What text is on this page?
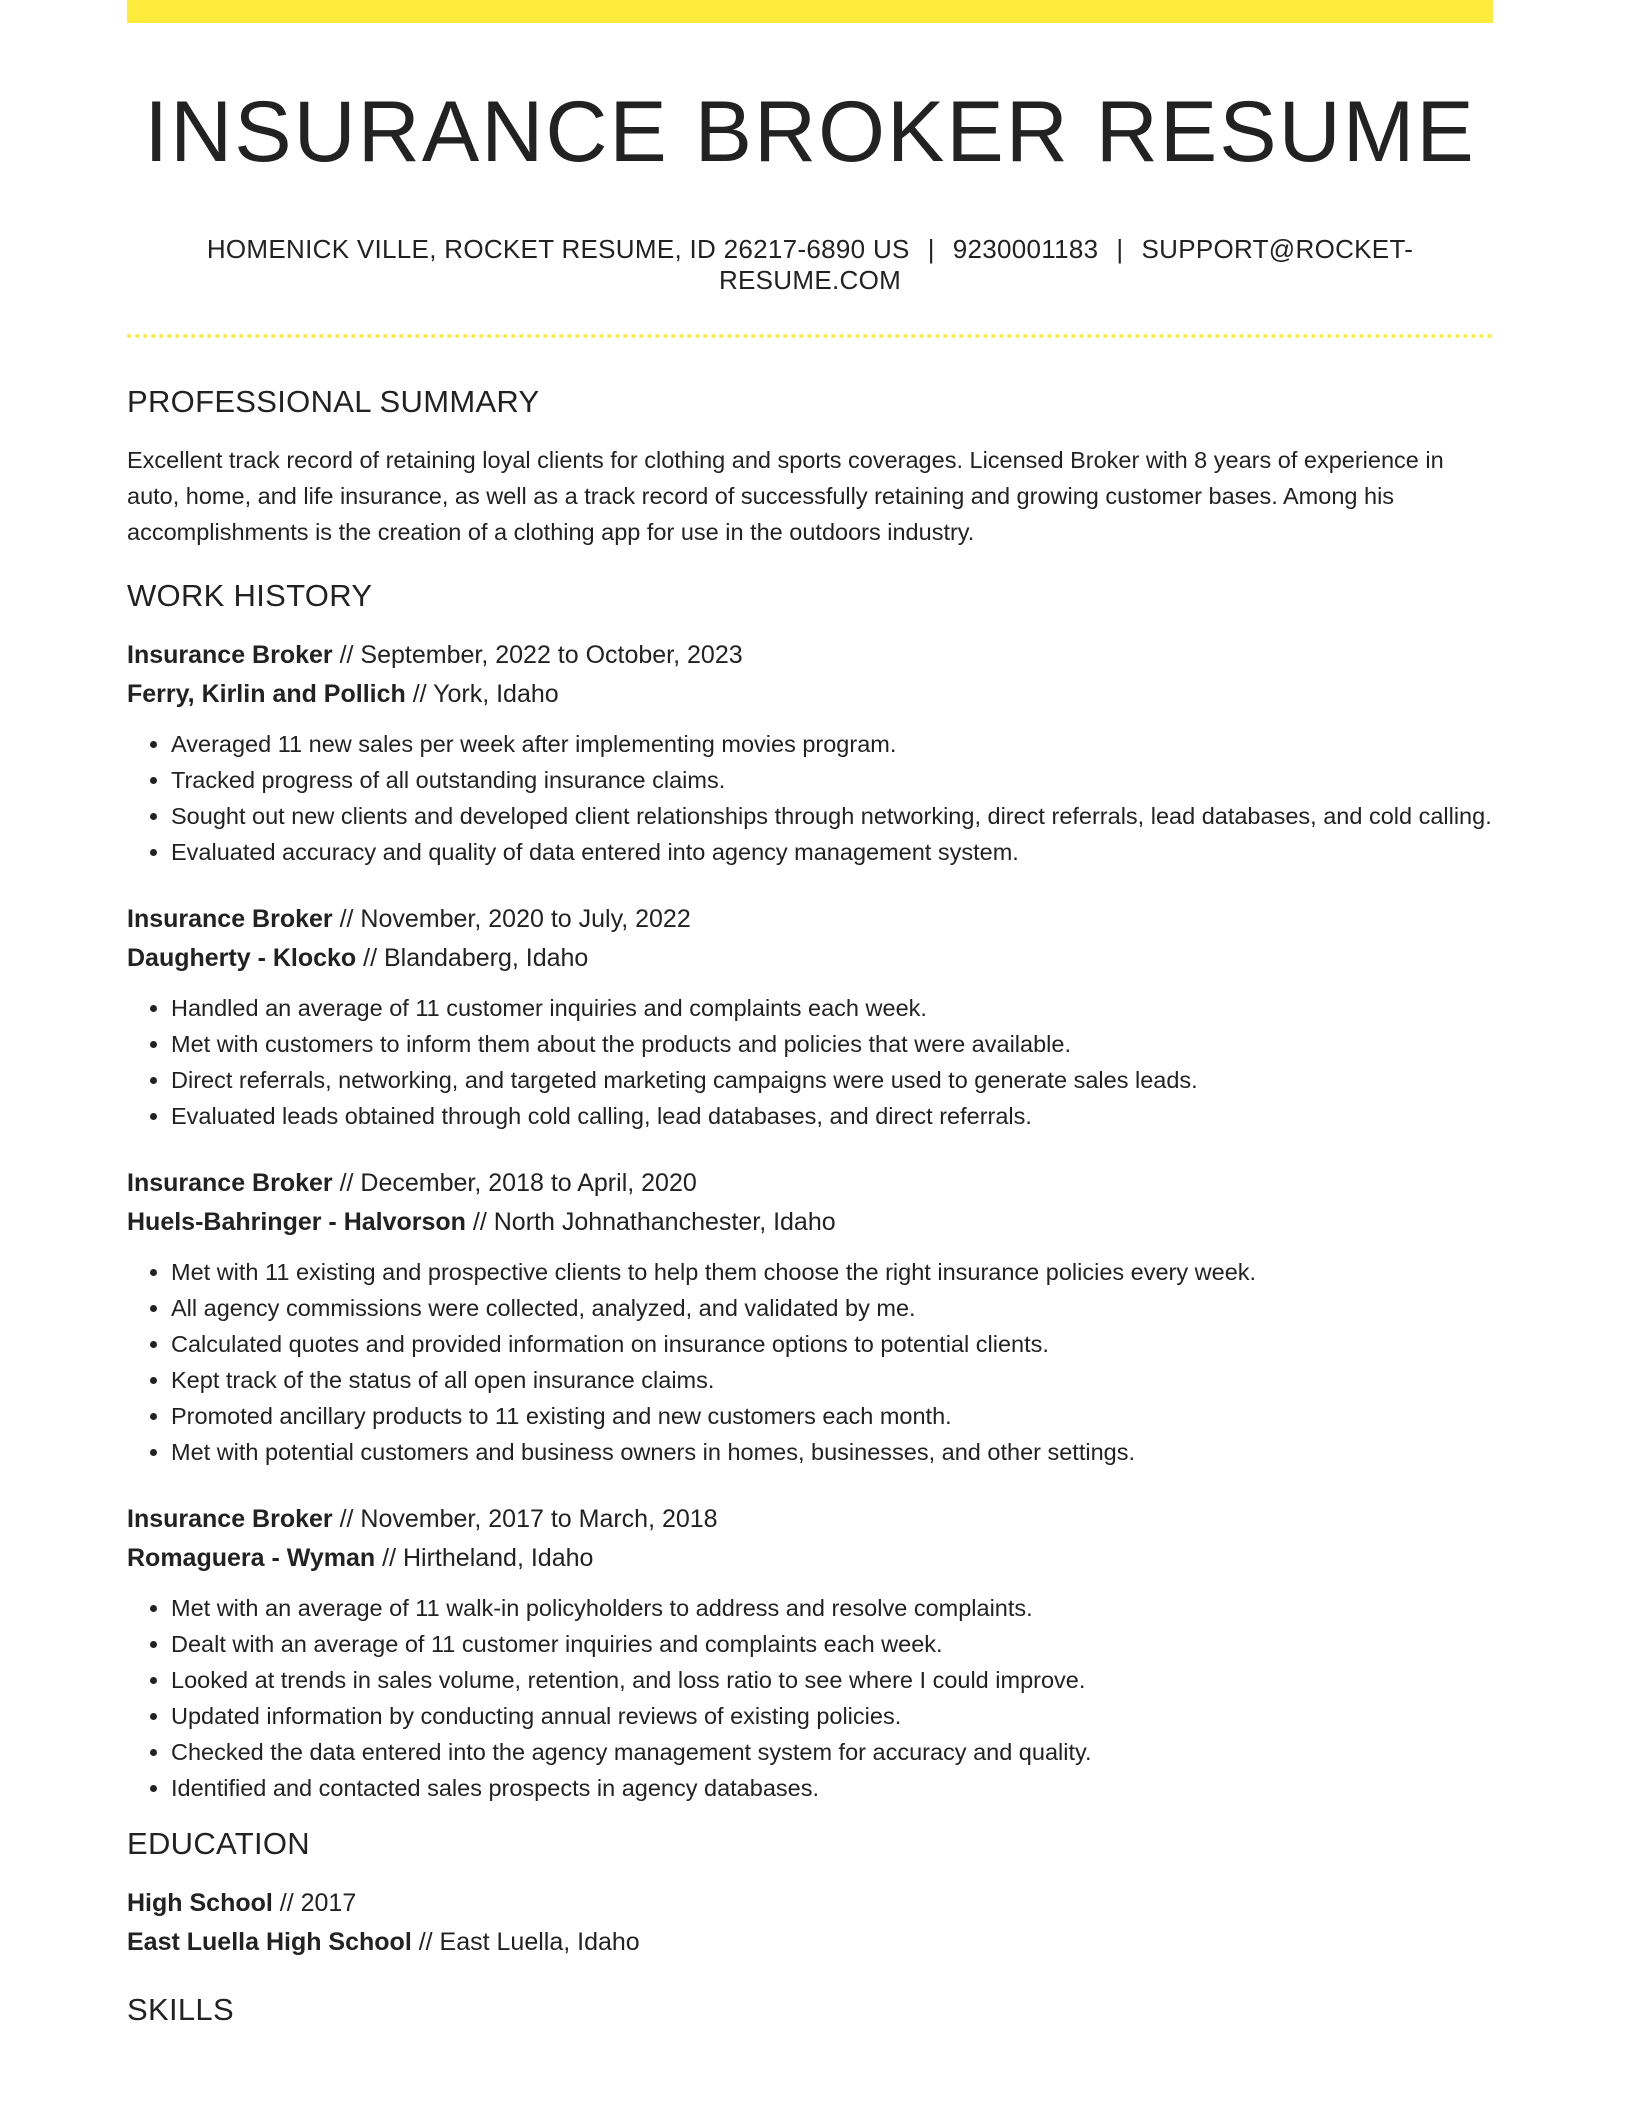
INSURANCE BROKER RESUME
HOMENICK VILLE, ROCKET RESUME, ID 26217-6890 US | 9230001183 | SUPPORT@ROCKET-RESUME.COM
PROFESSIONAL SUMMARY

Excellent track record of retaining loyal clients for clothing and sports coverages. Licensed Broker with 8 years of experience in auto, home, and life insurance, as well as a track record of successfully retaining and growing customer bases. Among his accomplishments is the creation of a clothing app for use in the outdoors industry.

WORK HISTORY
Insurance Broker // September, 2022 to October, 2023
Ferry, Kirlin and Pollich // York, Idaho
• Averaged 11 new sales per week after implementing movies program.
• Tracked progress of all outstanding insurance claims.
• Sought out new clients and developed client relationships through networking, direct referrals, lead databases, and cold calling.
• Evaluated accuracy and quality of data entered into agency management system.
Insurance Broker // November, 2020 to July, 2022
Daugherty - Klocko // Blandaberg, Idaho
• Handled an average of 11 customer inquiries and complaints each week.
• Met with customers to inform them about the products and policies that were available.
• Direct referrals, networking, and targeted marketing campaigns were used to generate sales leads.
• Evaluated leads obtained through cold calling, lead databases, and direct referrals.
Insurance Broker // December, 2018 to April, 2020
Huels-Bahringer - Halvorson // North Johnathanchester, Idaho
• Met with 11 existing and prospective clients to help them choose the right insurance policies every week.
• All agency commissions were collected, analyzed, and validated by me.
• Calculated quotes and provided information on insurance options to potential clients.
• Kept track of the status of all open insurance claims.
• Promoted ancillary products to 11 existing and new customers each month.
• Met with potential customers and business owners in homes, businesses, and other settings.
Insurance Broker // November, 2017 to March, 2018
Romaguera - Wyman // Hirtheland, Idaho
• Met with an average of 11 walk-in policyholders to address and resolve complaints.
• Dealt with an average of 11 customer inquiries and complaints each week.
• Looked at trends in sales volume, retention, and loss ratio to see where I could improve.
• Updated information by conducting annual reviews of existing policies.
• Checked the data entered into the agency management system for accuracy and quality.
• Identified and contacted sales prospects in agency databases.
EDUCATION
High School // 2017
East Luella High School // East Luella, Idaho
SKILLS
